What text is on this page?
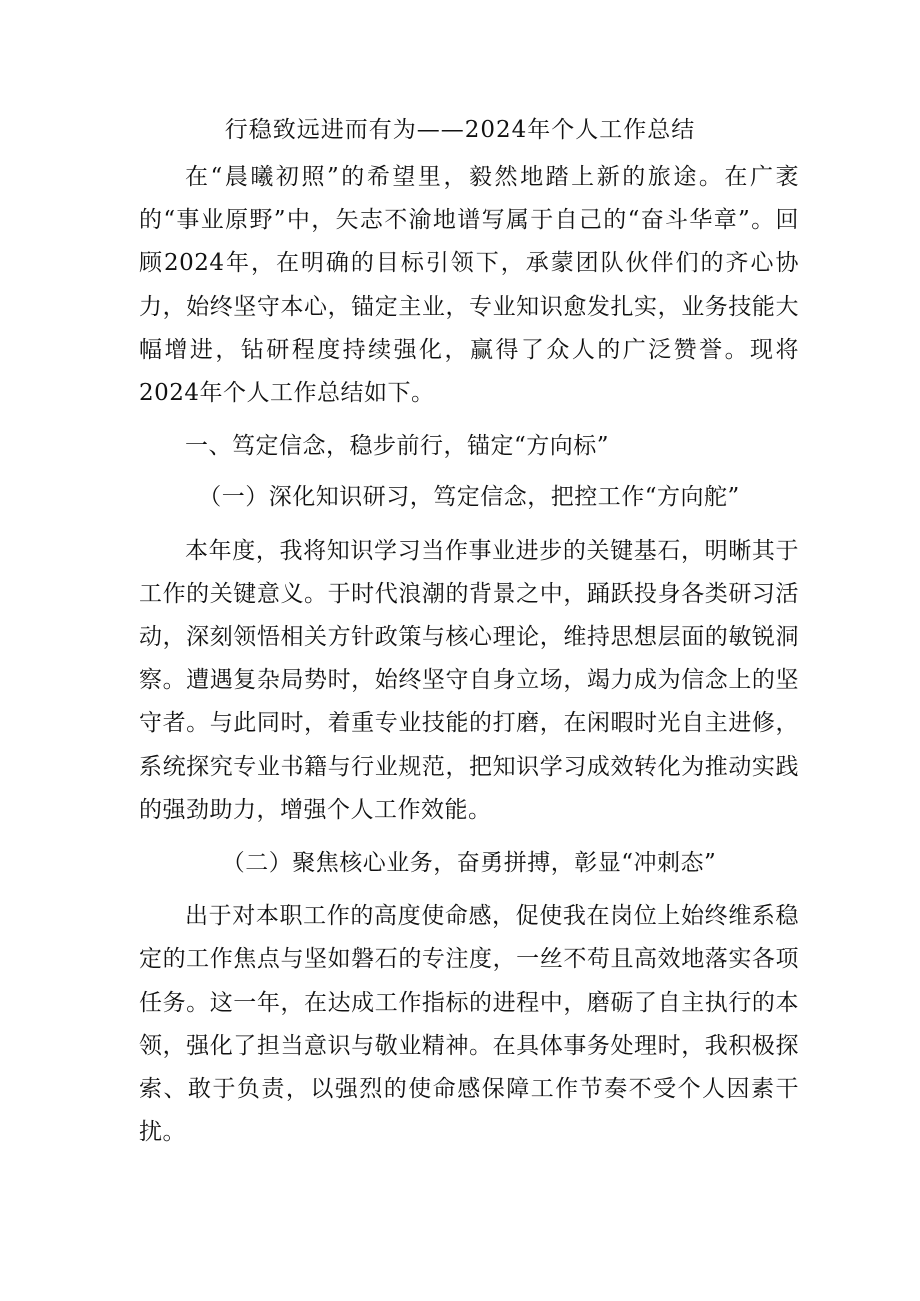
行稳致远进而有为——2024年个人工作总结

在“晨曦初照”的希望里，毅然地踏上新的旅途。在广袤的“事业原野”中，矢志不渝地谱写属于自己的“奋斗华章”。回顾2024年，在明确的目标引领下，承蒙团队伙伴们的齐心协力，始终坚守本心，锚定主业，专业知识愈发扎实，业务技能大幅增进，钻研程度持续强化，赢得了众人的广泛赞誉。现将2024年个人工作总结如下。

一、笃定信念，稳步前行，锚定“方向标”

（一）深化知识研习，笃定信念，把控工作“方向舵”

本年度，我将知识学习当作事业进步的关键基石，明晰其于工作的关键意义。于时代浪潮的背景之中，踊跃投身各类研习活动，深刻领悟相关方针政策与核心理论，维持思想层面的敏锐洞察。遭遇复杂局势时，始终坚守自身立场，竭力成为信念上的坚守者。与此同时，着重专业技能的打磨，在闲暇时光自主进修，系统探究专业书籍与行业规范，把知识学习成效转化为推动实践的强劲助力，增强个人工作效能。

（二）聚焦核心业务，奋勇拼搏，彰显“冲刺态”

出于对本职工作的高度使命感，促使我在岗位上始终维系稳定的工作焦点与坚如磐石的专注度，一丝不苟且高效地落实各项任务。这一年，在达成工作指标的进程中，磨砺了自主执行的本领，强化了担当意识与敬业精神。在具体事务处理时，我积极探索、敢于负责，以强烈的使命感保障工作节奏不受个人因素干扰。
